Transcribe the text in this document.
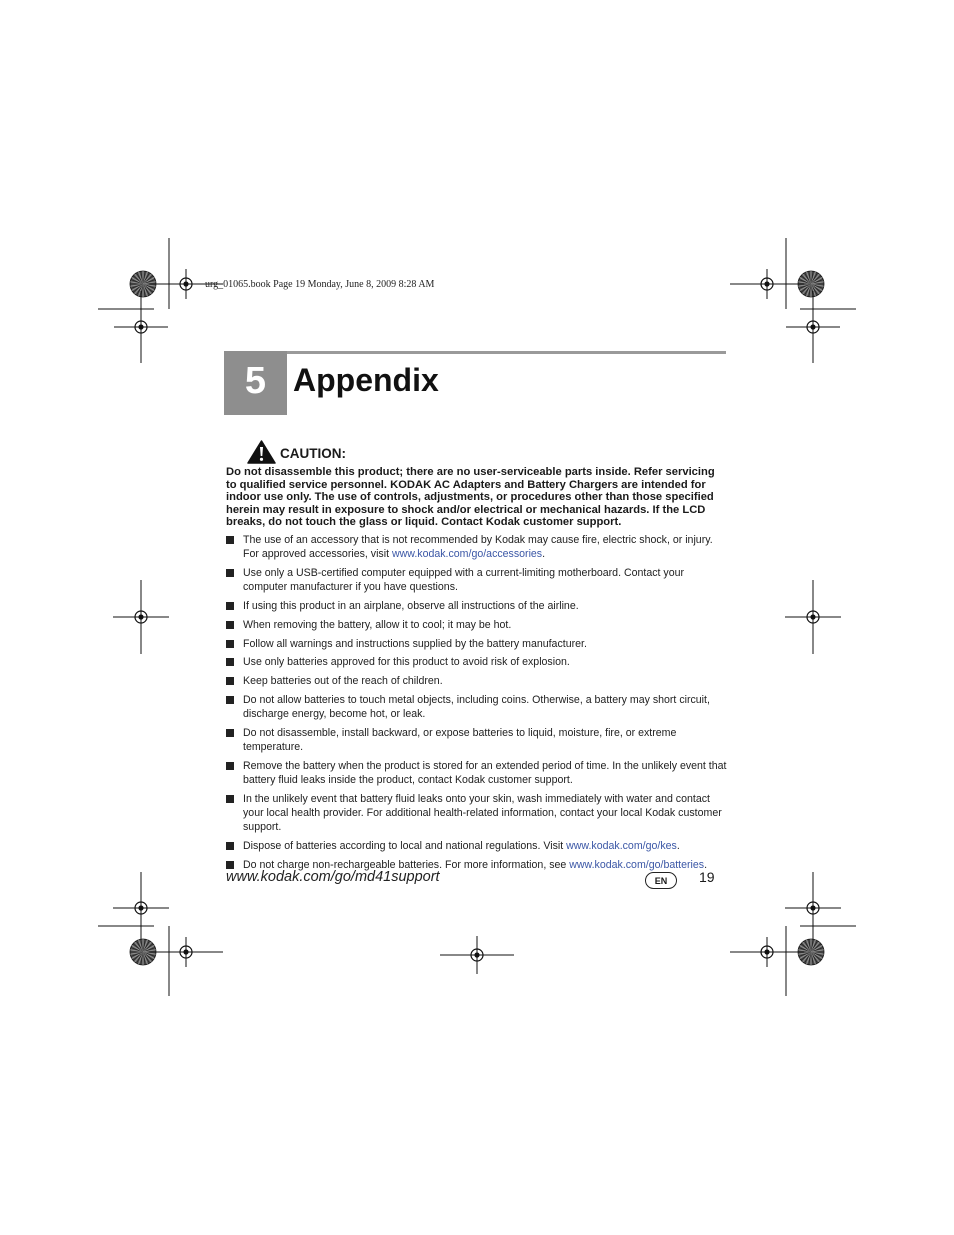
urg_01065.book Page 19 Monday, June 8, 2009 8:28 AM
5 Appendix
CAUTION:
Do not disassemble this product; there are no user-serviceable parts inside. Refer servicing to qualified service personnel. KODAK AC Adapters and Battery Chargers are intended for indoor use only. The use of controls, adjustments, or procedures other than those specified herein may result in exposure to shock and/or electrical or mechanical hazards. If the LCD breaks, do not touch the glass or liquid. Contact Kodak customer support.
The use of an accessory that is not recommended by Kodak may cause fire, electric shock, or injury. For approved accessories, visit www.kodak.com/go/accessories.
Use only a USB-certified computer equipped with a current-limiting motherboard. Contact your computer manufacturer if you have questions.
If using this product in an airplane, observe all instructions of the airline.
When removing the battery, allow it to cool; it may be hot.
Follow all warnings and instructions supplied by the battery manufacturer.
Use only batteries approved for this product to avoid risk of explosion.
Keep batteries out of the reach of children.
Do not allow batteries to touch metal objects, including coins. Otherwise, a battery may short circuit, discharge energy, become hot, or leak.
Do not disassemble, install backward, or expose batteries to liquid, moisture, fire, or extreme temperature.
Remove the battery when the product is stored for an extended period of time. In the unlikely event that battery fluid leaks inside the product, contact Kodak customer support.
In the unlikely event that battery fluid leaks onto your skin, wash immediately with water and contact your local health provider. For additional health-related information, contact your local Kodak customer support.
Dispose of batteries according to local and national regulations. Visit www.kodak.com/go/kes.
Do not charge non-rechargeable batteries. For more information, see www.kodak.com/go/batteries.
www.kodak.com/go/md41support	EN	19
